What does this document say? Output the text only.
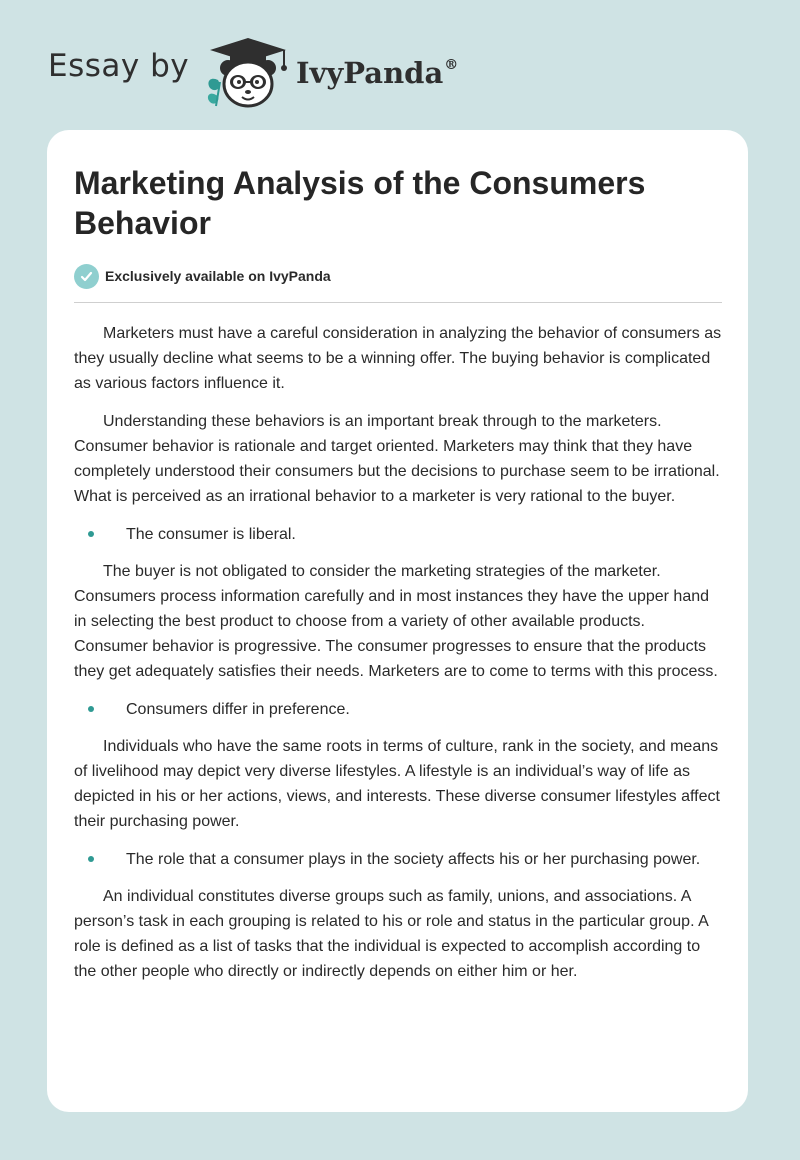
Essay by	IvyPanda®
Marketing Analysis of the Consumers Behavior
Exclusively available on IvyPanda

Marketers must have a careful consideration in analyzing the behavior of consumers as they usually decline what seems to be a winning offer. The buying behavior is complicated as various factors influence it.

Understanding these behaviors is an important break through to the marketers. Consumer behavior is rationale and target oriented. Marketers may think that they have completely understood their consumers but the decisions to purchase seem to be irrational. What is perceived as an irrational behavior to a marketer is very rational to the buyer.

The consumer is liberal.

The buyer is not obligated to consider the marketing strategies of the marketer. Consumers process information carefully and in most instances they have the upper hand in selecting the best product to choose from a variety of other available products. Consumer behavior is progressive. The consumer progresses to ensure that the products they get adequately satisfies their needs. Marketers are to come to terms with this process.

Consumers differ in preference.

Individuals who have the same roots in terms of culture, rank in the society, and means of livelihood may depict very diverse lifestyles. A lifestyle is an individual’s way of life as depicted in his or her actions, views, and interests. These diverse consumer lifestyles affect their purchasing power.

The role that a consumer plays in the society affects his or her purchasing power.

An individual constitutes diverse groups such as family, unions, and associations. A person’s task in each grouping is related to his or role and status in the particular group. A role is defined as a list of tasks that the individual is expected to accomplish according to the other people who directly or indirectly depends on either him or her.
